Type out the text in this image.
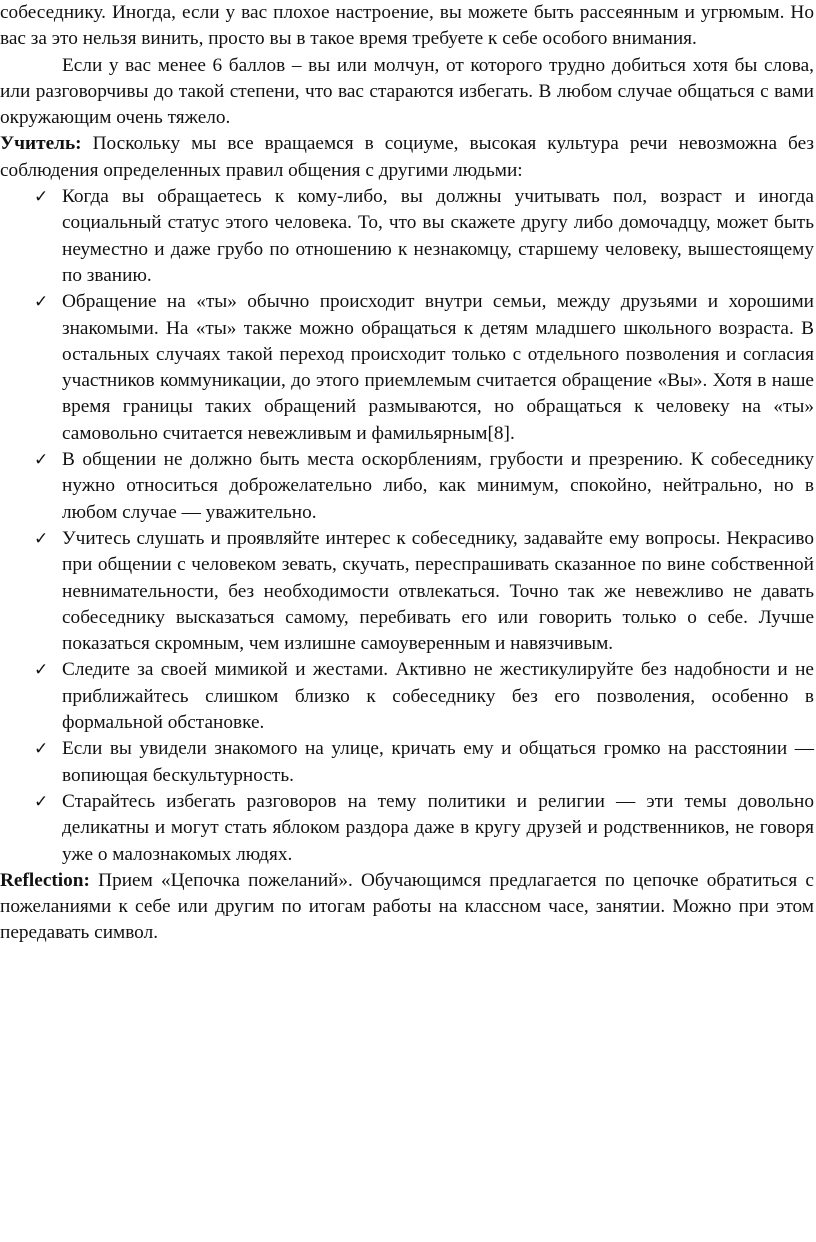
собеседнику. Иногда, если у вас плохое настроение, вы можете быть рассеянным и угрюмым. Но вас за это нельзя винить, просто вы в такое время требуете к себе особого внимания.

Если у вас менее 6 баллов – вы или молчун, от которого трудно добиться хотя бы слова, или разговорчивы до такой степени, что вас стараются избегать. В любом случае общаться с вами окружающим очень тяжело.

Учитель: Поскольку мы все вращаемся в социуме, высокая культура речи невозможна без соблюдения определенных правил общения с другими людьми:

✓ Когда вы обращаетесь к кому-либо, вы должны учитывать пол, возраст и иногда социальный статус этого человека. То, что вы скажете другу либо домочадцу, может быть неуместно и даже грубо по отношению к незнакомцу, старшему человеку, вышестоящему по званию.
✓ Обращение на «ты» обычно происходит внутри семьи, между друзьями и хорошими знакомыми. На «ты» также можно обращаться к детям младшего школьного возраста. В остальных случаях такой переход происходит только с отдельного позволения и согласия участников коммуникации, до этого приемлемым считается обращение «Вы». Хотя в наше время границы таких обращений размываются, но обращаться к человеку на «ты» самовольно считается невежливым и фамильярным[8].
✓ В общении не должно быть места оскорблениям, грубости и презрению. К собеседнику нужно относиться доброжелательно либо, как минимум, спокойно, нейтрально, но в любом случае — уважительно.
✓ Учитесь слушать и проявляйте интерес к собеседнику, задавайте ему вопросы. Некрасиво при общении с человеком зевать, скучать, переспрашивать сказанное по вине собственной невнимательности, без необходимости отвлекаться. Точно так же невежливо не давать собеседнику высказаться самому, перебивать его или говорить только о себе. Лучше показаться скромным, чем излишне самоуверенным и навязчивым.
✓ Следите за своей мимикой и жестами. Активно не жестикулируйте без надобности и не приближайтесь слишком близко к собеседнику без его позволения, особенно в формальной обстановке.
✓ Если вы увидели знакомого на улице, кричать ему и общаться громко на расстоянии — вопиющая бескультурность.
✓ Старайтесь избегать разговоров на тему политики и религии — эти темы довольно деликатны и могут стать яблоком раздора даже в кругу друзей и родственников, не говоря уже о малознакомых людях.

Reflection: Прием «Цепочка пожеланий». Обучающимся предлагается по цепочке обратиться с пожеланиями к себе или другим по итогам работы на классном часе, занятии. Можно при этом передавать символ.
